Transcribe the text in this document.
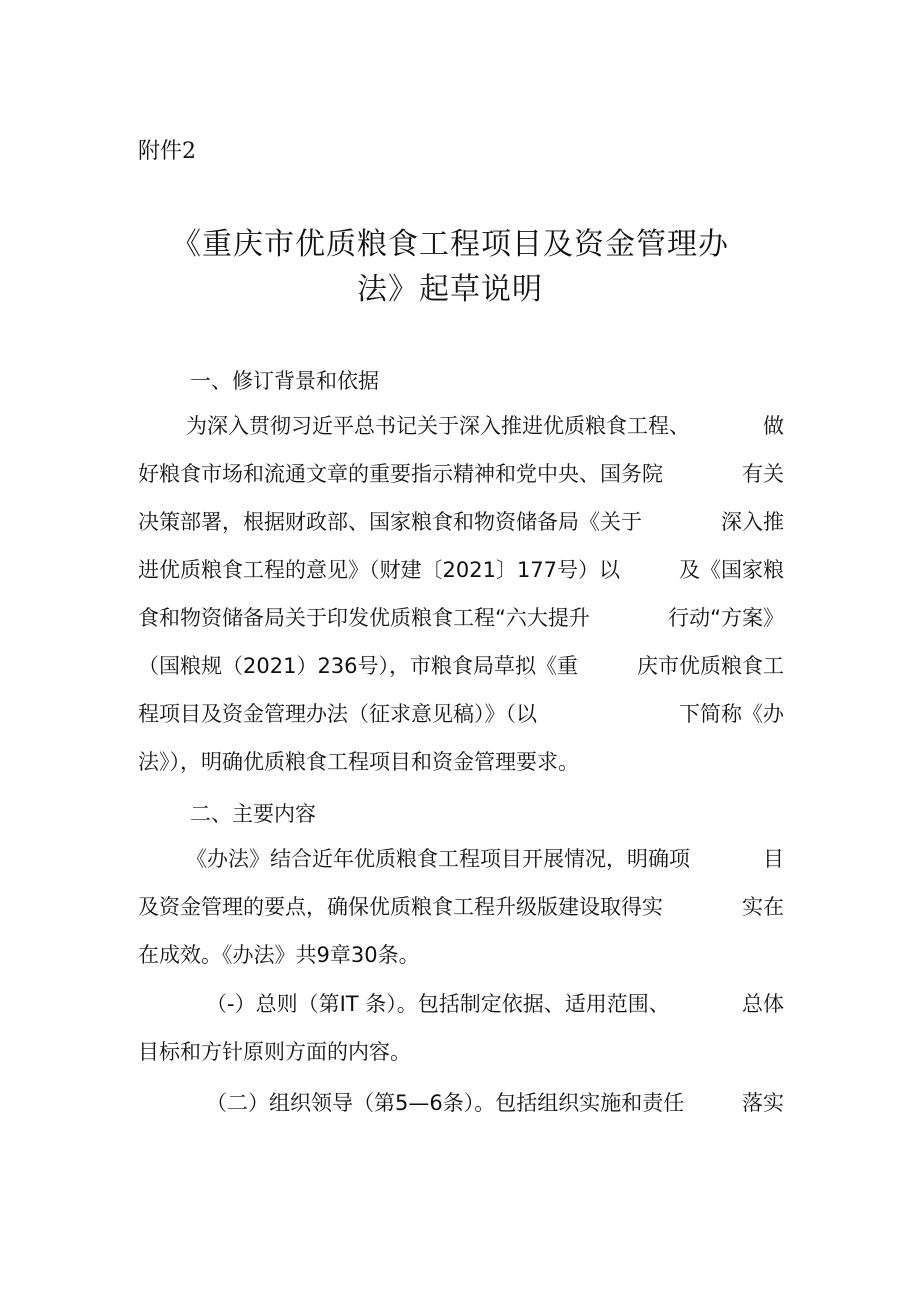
附件2
《重庆市优质粮食工程项目及资金管理办
法》起草说明
一、修订背景和依据
为深入贯彻习近平总书记关于深入推进优质粮食工程、	做
好粮食市场和流通文章的重要指示精神和党中央、国务院	有关
决策部署，根据财政部、国家粮食和物资储备局《关于	深入推
进优质粮食工程的意见》（财建〔2021〕177号）以	及《国家粮
食和物资储备局关于印发优质粮食工程“六大提升	行动“方案》
（国粮规（2021）236号），市粮食局草拟《重	庆市优质粮食工
程项目及资金管理办法（征求意见稿）》（以	下简称《办
法》），明确优质粮食工程项目和资金管理要求。
二、主要内容
《办法》结合近年优质粮食工程项目开展情况，明确项	目
及资金管理的要点，确保优质粮食工程升级版建设取得实	实在
在成效。《办法》共9章30条。
（-）总则（第IT 条）。包括制定依据、适用范围、	总体
目标和方针原则方面的内容。
（二）组织领导（第5—6条）。包括组织实施和责任	落实
